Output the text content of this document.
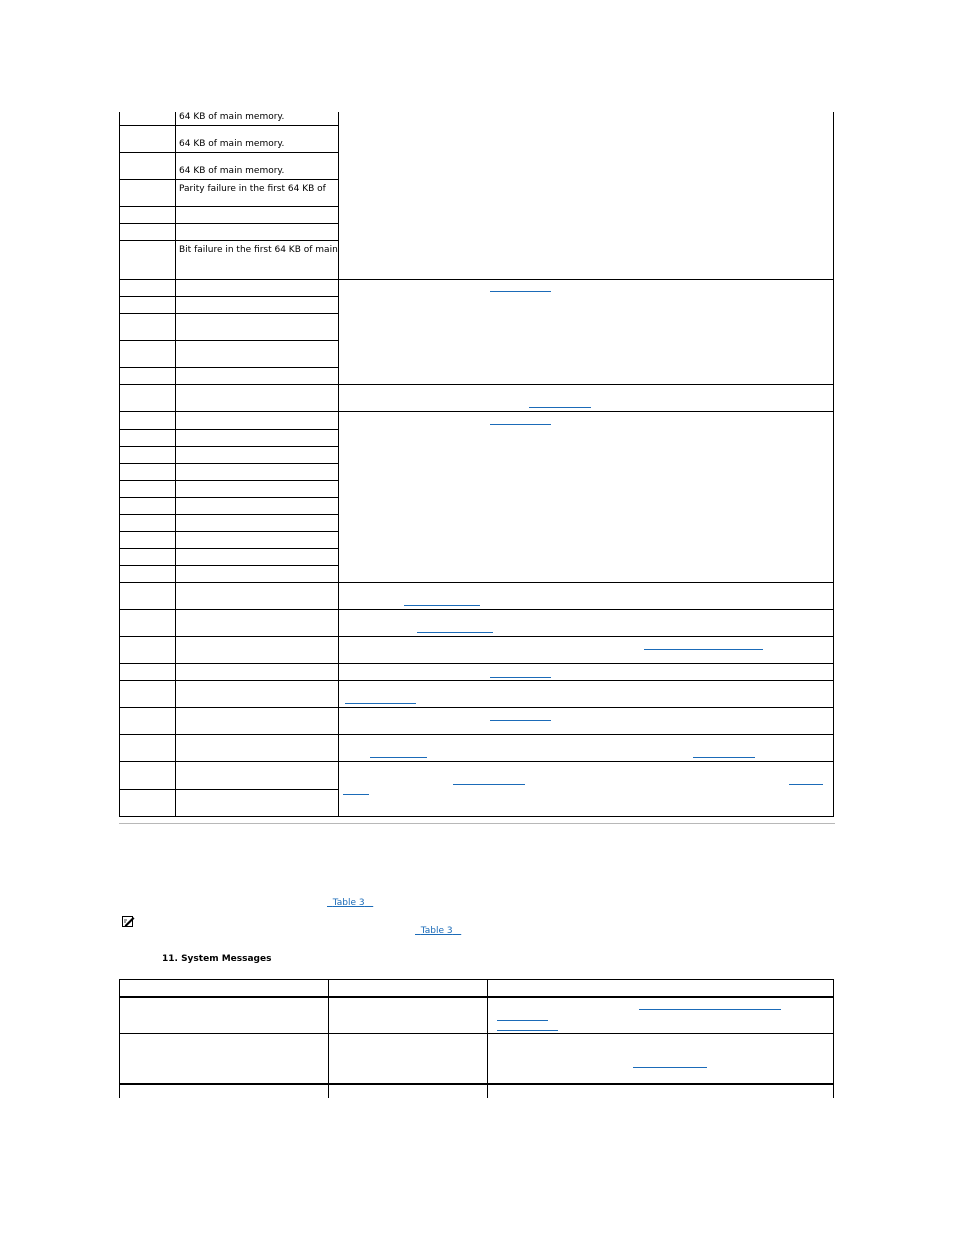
64 KB of main memory.
64 KB of main memory.
64 KB of main memory.
Parity failure in the first 64 KB of
Bit failure in the first 64 KB of main

Table 3

Table 3
11. System Messages
